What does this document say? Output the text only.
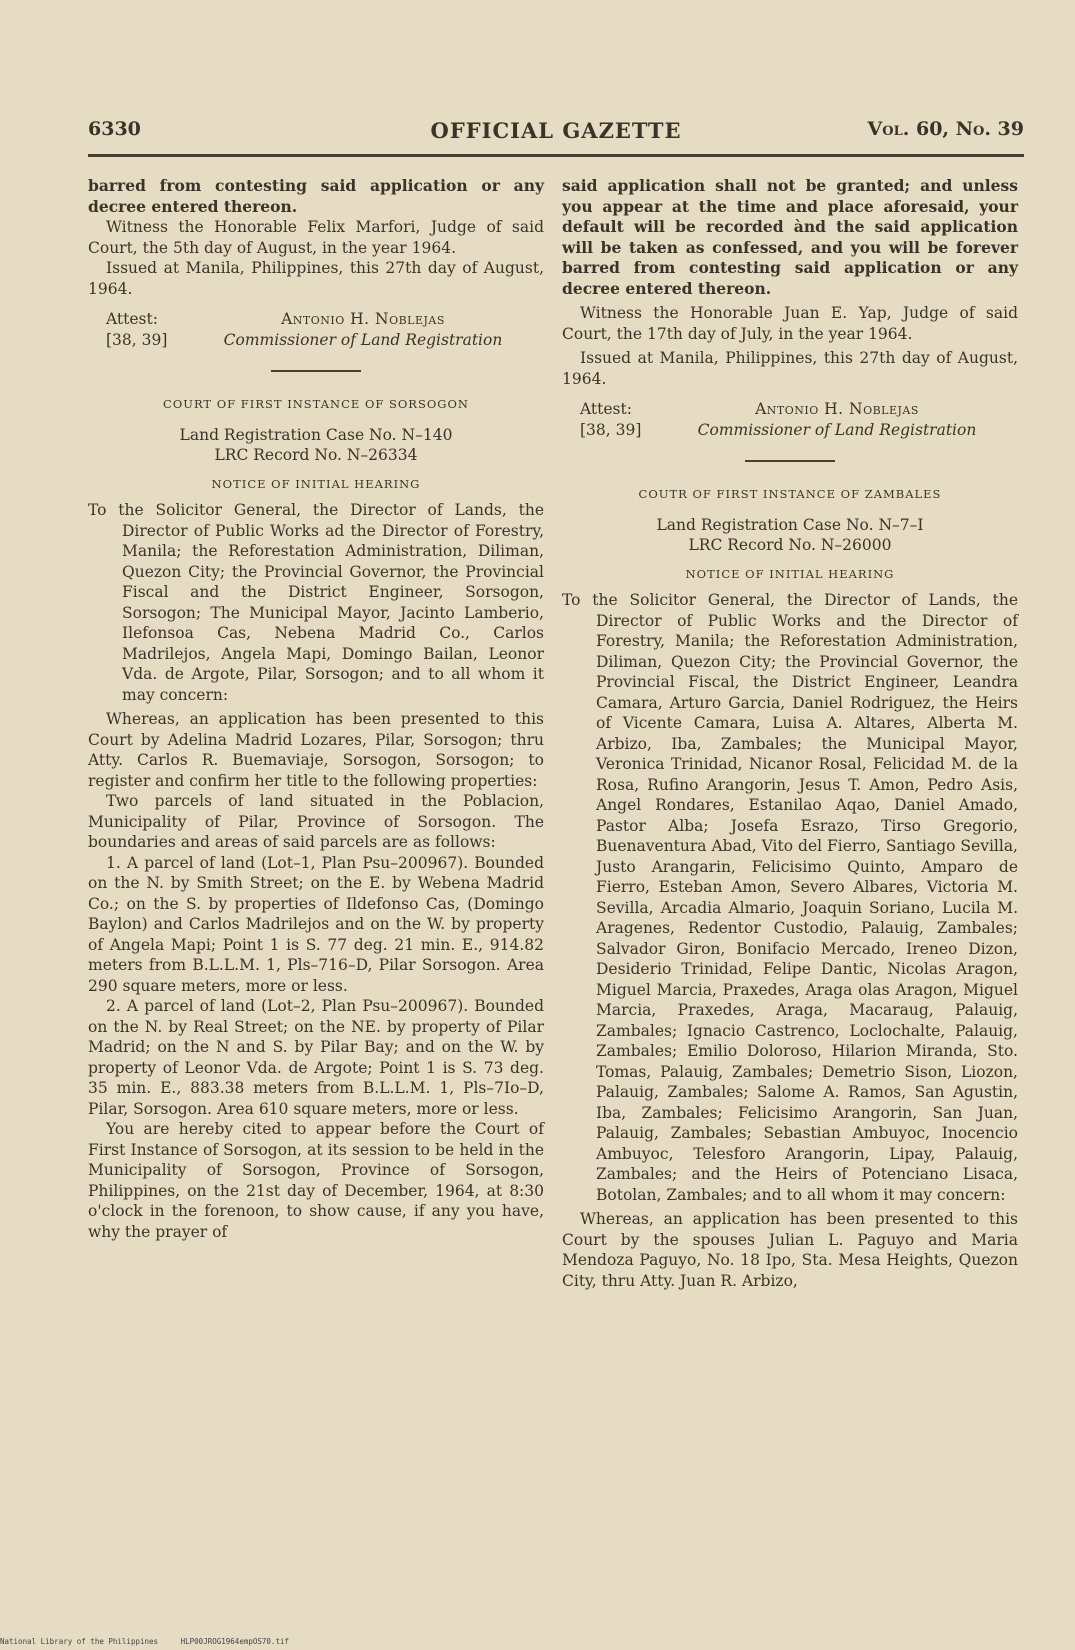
6330	OFFICIAL GAZETTE	Vol. 60, No. 39

barred from contesting said application or any decree entered thereon.

Witness the Honorable Felix Marfori, Judge of said Court, the 5th day of August, in the year 1964.

Issued at Manila, Philippines, this 27th day of August, 1964.

Attest:
[38, 39]
Antonio H. Noblejas
Commissioner of Land Registration
COURT OF FIRST INSTANCE OF SORSOGON
Land Registration Case No. N–140
LRC Record No. N–26334
NOTICE OF INITIAL HEARING

To the Solicitor General, the Director of Lands, the Director of Public Works ad the Director of Forestry, Manila; the Reforestation Administration, Diliman, Quezon City; the Provincial Governor, the Provincial Fiscal and the District Engineer, Sorsogon, Sorsogon; The Municipal Mayor, Jacinto Lamberio, Ilefonsoa Cas, Nebena Madrid Co., Carlos Madrilejos, Angela Mapi, Domingo Bailan, Leonor Vda. de Argote, Pilar, Sorsogon; and to all whom it may concern:

Whereas, an application has been presented to this Court by Adelina Madrid Lozares, Pilar, Sorsogon; thru Atty. Carlos R. Buemaviaje, Sorsogon, Sorsogon; to register and confirm her title to the following properties:

Two parcels of land situated in the Poblacion, Municipality of Pilar, Province of Sorsogon. The boundaries and areas of said parcels are as follows:

1. A parcel of land (Lot–1, Plan Psu–200967). Bounded on the N. by Smith Street; on the E. by Webena Madrid Co.; on the S. by properties of Ildefonso Cas, (Domingo Baylon) and Carlos Madrilejos and on the W. by property of Angela Mapi; Point 1 is S. 77 deg. 21 min. E., 914.82 meters from B.L.L.M. 1, Pls–716–D, Pilar Sorsogon. Area 290 square meters, more or less.

2. A parcel of land (Lot–2, Plan Psu–200967). Bounded on the N. by Real Street; on the NE. by property of Pilar Madrid; on the N and S. by Pilar Bay; and on the W. by property of Leonor Vda. de Argote; Point 1 is S. 73 deg. 35 min. E., 883.38 meters from B.L.L.M. 1, Pls–7Io–D, Pilar, Sorsogon. Area 610 square meters, more or less.

You are hereby cited to appear before the Court of First Instance of Sorsogon, at its session to be held in the Municipality of Sorsogon, Province of Sorsogon, Philippines, on the 21st day of December, 1964, at 8:30 o'clock in the forenoon, to show cause, if any you have, why the prayer of

said application shall not be granted; and unless you appear at the time and place aforesaid, your default will be recorded ànd the said application will be taken as confessed, and you will be forever barred from contesting said application or any decree entered thereon.

Witness the Honorable Juan E. Yap, Judge of said Court, the 17th day of July, in the year 1964.

Issued at Manila, Philippines, this 27th day of August, 1964.

Attest:
[38, 39]
Antonio H. Noblejas
Commissioner of Land Registration
COUTR OF FIRST INSTANCE OF ZAMBALES
Land Registration Case No. N–7–I
LRC Record No. N–26000
NOTICE OF INITIAL HEARING

To the Solicitor General, the Director of Lands, the Director of Public Works and the Director of Forestry, Manila; the Reforestation Administration, Diliman, Quezon City; the Provincial Governor, the Provincial Fiscal, the District Engineer, Leandra Camara, Arturo Garcia, Daniel Rodriguez, the Heirs of Vicente Camara, Luisa A. Altares, Alberta M. Arbizo, Iba, Zambales; the Municipal Mayor, Veronica Trinidad, Nicanor Rosal, Felicidad M. de la Rosa, Rufino Arangorin, Jesus T. Amon, Pedro Asis, Angel Rondares, Estanilao Aqao, Daniel Amado, Pastor Alba; Josefa Esrazo, Tirso Gregorio, Buenaventura Abad, Vito del Fierro, Santiago Sevilla, Justo Arangarin, Felicisimo Quinto, Amparo de Fierro, Esteban Amon, Severo Albares, Victoria M. Sevilla, Arcadia Almario, Joaquin Soriano, Lucila M. Aragenes, Redentor Custodio, Palauig, Zambales; Salvador Giron, Bonifacio Mercado, Ireneo Dizon, Desiderio Trinidad, Felipe Dantic, Nicolas Aragon, Miguel Marcia, Praxedes, Araga olas Aragon, Miguel Marcia, Praxedes, Araga, Macaraug, Palauig, Zambales; Ignacio Castrenco, Loclochalte, Palauig, Zambales; Emilio Doloroso, Hilarion Miranda, Sto. Tomas, Palauig, Zambales; Demetrio Sison, Liozon, Palauig, Zambales; Salome A. Ramos, San Agustin, Iba, Zambales; Felicisimo Arangorin, San Juan, Palauig, Zambales; Sebastian Ambuyoc, Inocencio Ambuyoc, Telesforo Arangorin, Lipay, Palauig, Zambales; and the Heirs of Potenciano Lisaca, Botolan, Zambales; and to all whom it may concern:

Whereas, an application has been presented to this Court by the spouses Julian L. Paguyo and Maria Mendoza Paguyo, No. 18 Ipo, Sta. Mesa Heights, Quezon City, thru Atty. Juan R. Arbizo,

National Library of the Philippines	HLP00JROG1964empOS70.tif
